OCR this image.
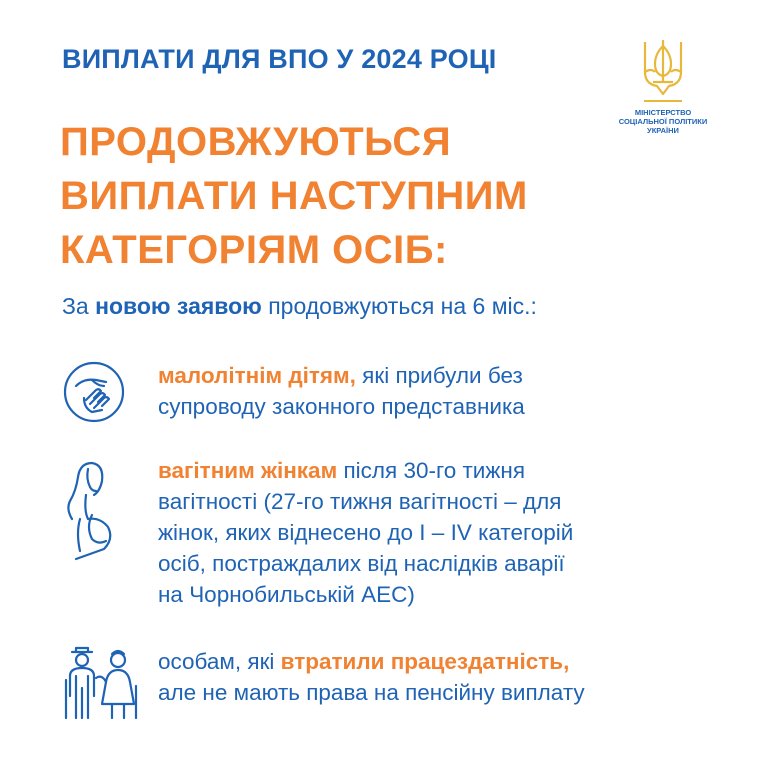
ВИПЛАТИ ДЛЯ ВПО У 2024 РОЦІ
МІНІСТЕРСТВО
СОЦІАЛЬНОЇ ПОЛІТИКИ
УКРАЇНИ
ПРОДОВЖУЮТЬСЯ
ВИПЛАТИ НАСТУПНИМ
КАТЕГОРІЯМ ОСІБ:
За новою заявою продовжуються на 6 міс.:
малолітнім дітям, які прибули без
супроводу законного представника
вагітним жінкам після 30-го тижня
вагітності (27-го тижня вагітності – для
жінок, яких віднесено до І – IV категорій
осіб, постраждалих від наслідків аварії
на Чорнобильській АЕС)
особам, які втратили працездатність,
але не мають права на пенсійну виплату
